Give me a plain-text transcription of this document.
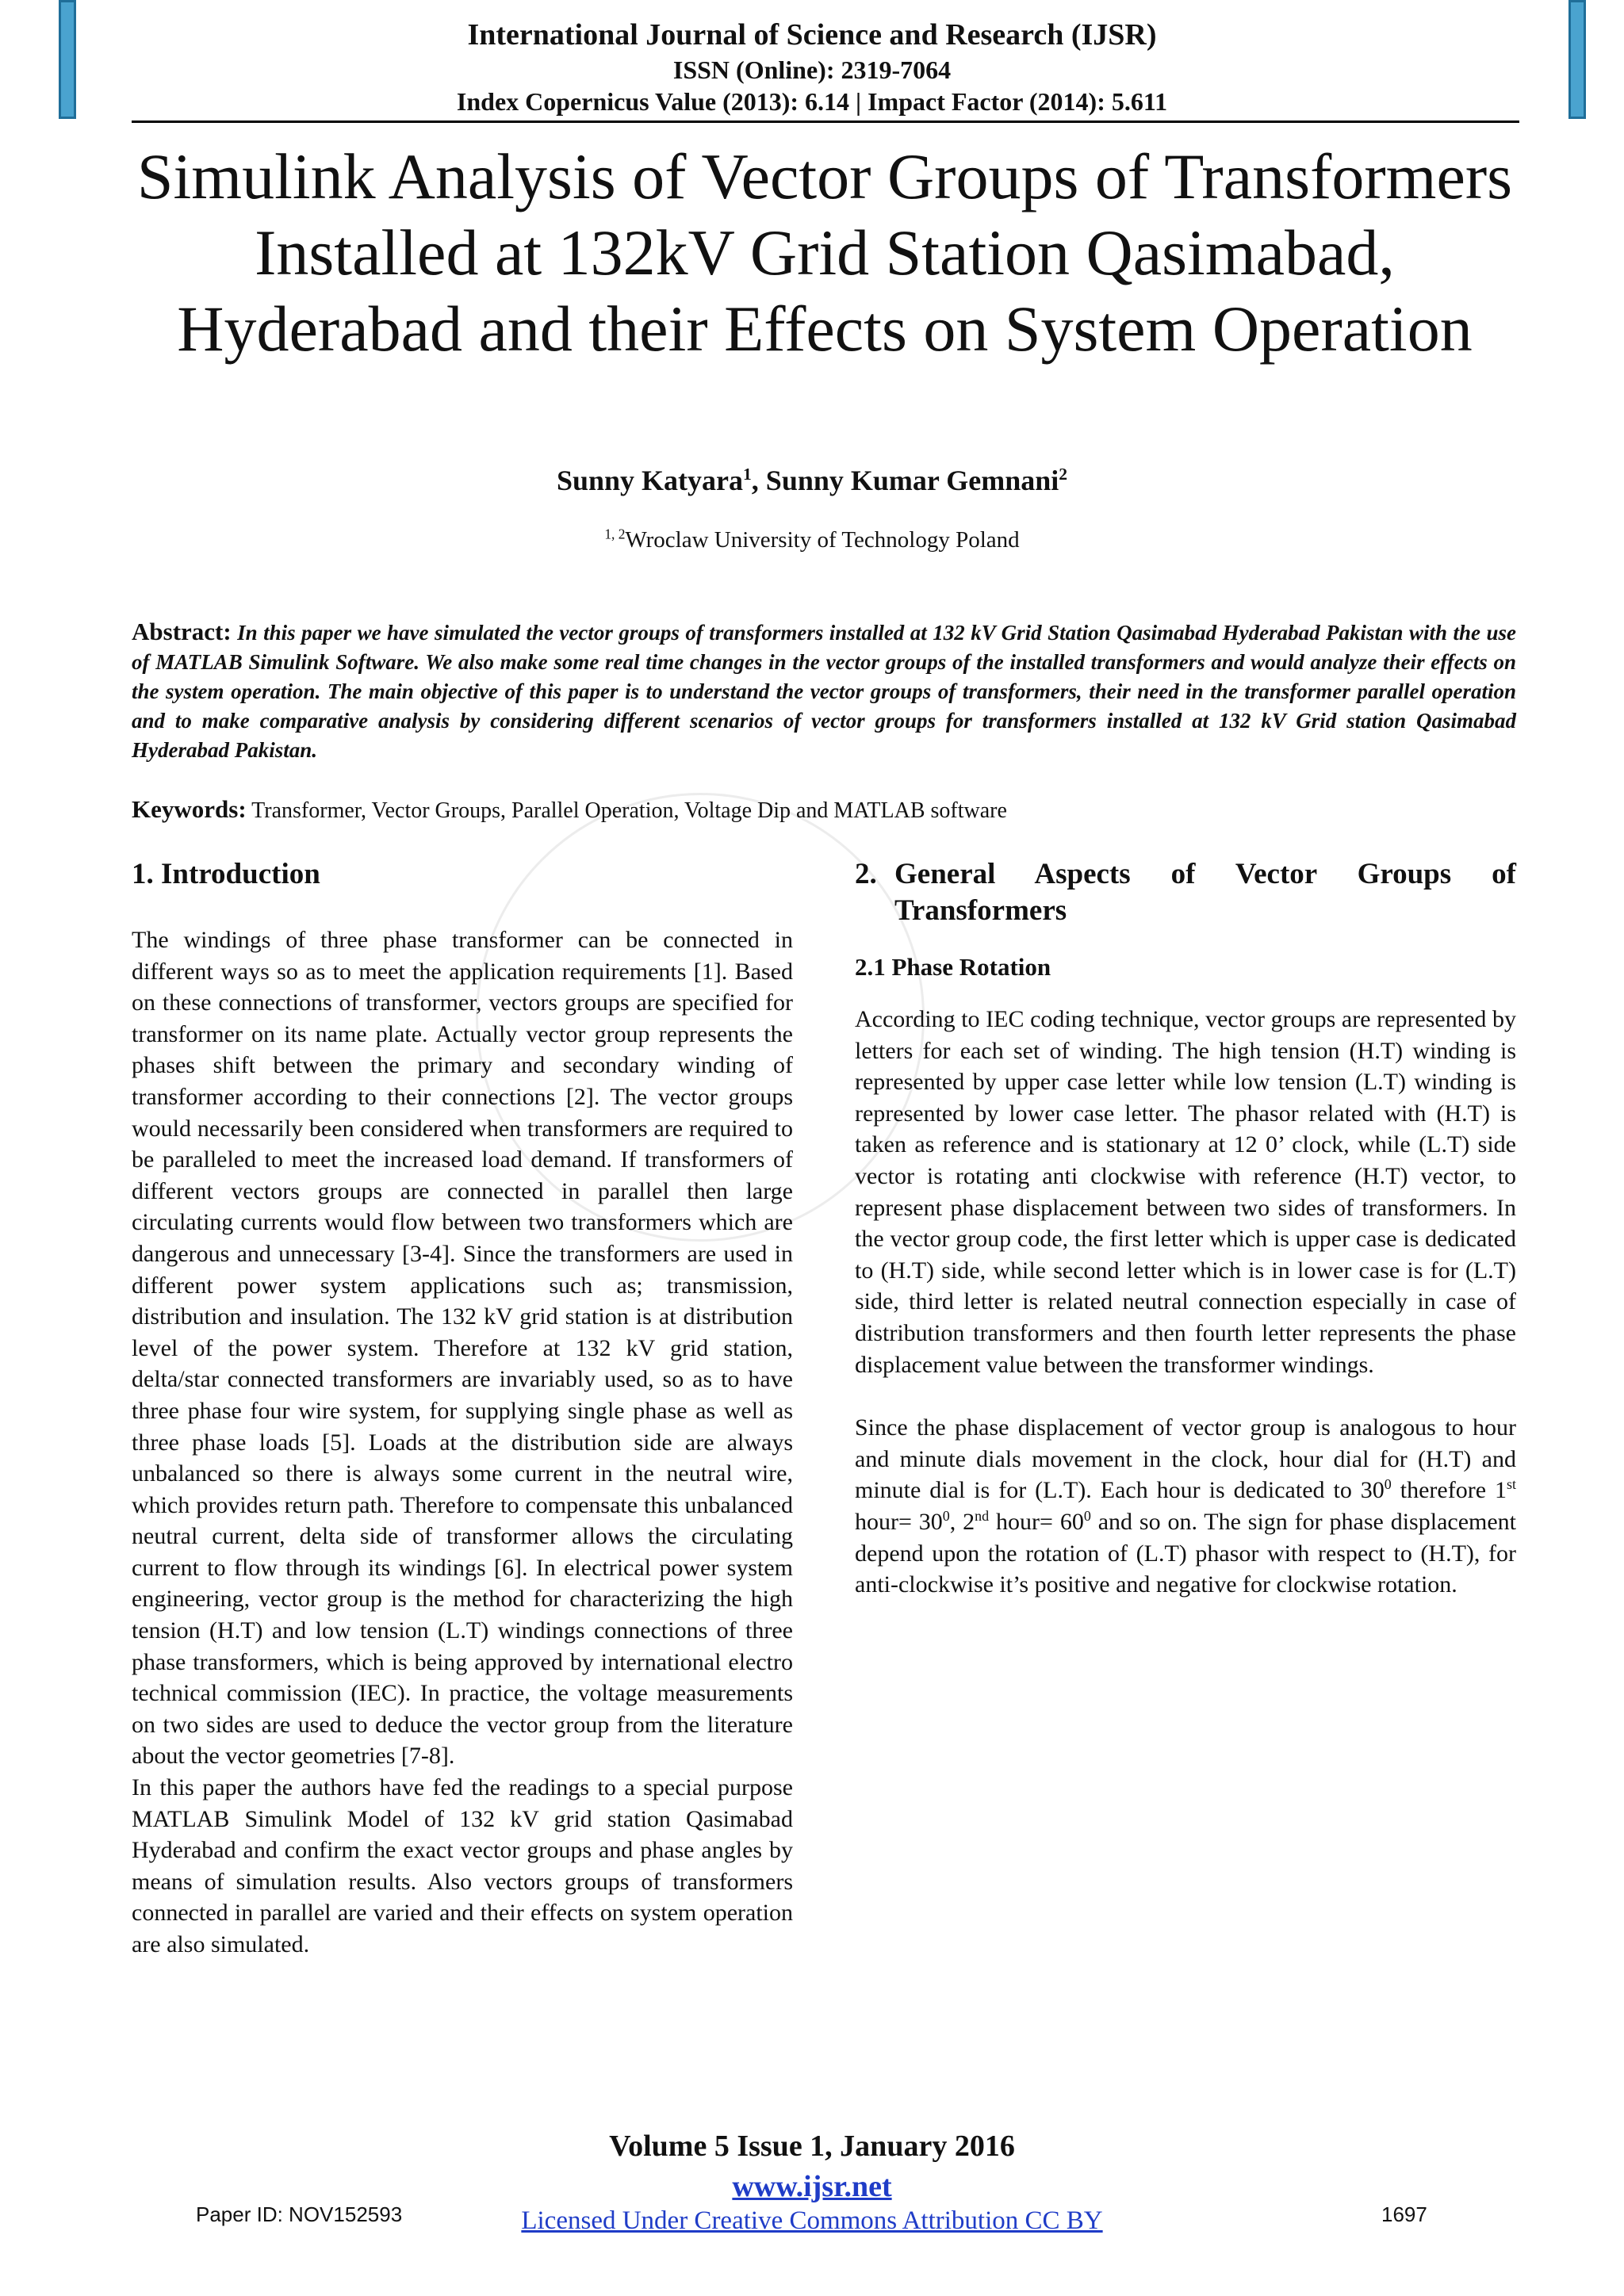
International Journal of Science and Research (IJSR)
ISSN (Online): 2319-7064
Index Copernicus Value (2013): 6.14 | Impact Factor (2014): 5.611
Simulink Analysis of Vector Groups of Transformers Installed at 132kV Grid Station Qasimabad, Hyderabad and their Effects on System Operation
Sunny Katyara$^1$, Sunny Kumar Gemnani$^2$
$^{1, 2}$Wroclaw University of Technology Poland
Abstract: In this paper we have simulated the vector groups of transformers installed at 132 kV Grid Station Qasimabad Hyderabad Pakistan with the use of MATLAB Simulink Software. We also make some real time changes in the vector groups of the installed transformers and would analyze their effects on the system operation. The main objective of this paper is to understand the vector groups of transformers, their need in the transformer parallel operation and to make comparative analysis by considering different scenarios of vector groups for transformers installed at 132 kV Grid station Qasimabad Hyderabad Pakistan.
Keywords: Transformer, Vector Groups, Parallel Operation, Voltage Dip and MATLAB software
1. Introduction

The windings of three phase transformer can be connected in different ways so as to meet the application requirements [1]. Based on these connections of transformer, vectors groups are specified for transformer on its name plate. Actually vector group represents the phases shift between the primary and secondary winding of transformer according to their connections [2]. The vector groups would necessarily been considered when transformers are required to be paralleled to meet the increased load demand. If transformers of different vectors groups are connected in parallel then large circulating currents would flow between two transformers which are dangerous and unnecessary [3-4]. Since the transformers are used in different power system applications such as; transmission, distribution and insulation. The 132 kV grid station is at distribution level of the power system. Therefore at 132 kV grid station, delta/star connected transformers are invariably used, so as to have three phase four wire system, for supplying single phase as well as three phase loads [5]. Loads at the distribution side are always unbalanced so there is always some current in the neutral wire, which provides return path. Therefore to compensate this unbalanced neutral current, delta side of transformer allows the circulating current to flow through its windings [6]. In electrical power system engineering, vector group is the method for characterizing the high tension (H.T) and low tension (L.T) windings connections of three phase transformers, which is being approved by international electro technical commission (IEC). In practice, the voltage measurements on two sides are used to deduce the vector group from the literature about the vector geometries [7-8].

In this paper the authors have fed the readings to a special purpose MATLAB Simulink Model of 132 kV grid station Qasimabad Hyderabad and confirm the exact vector groups and phase angles by means of simulation results. Also vectors groups of transformers connected in parallel are varied and their effects on system operation are also simulated.

2. General Aspects of Vector Groups of Transformers
2.1 Phase Rotation

According to IEC coding technique, vector groups are represented by letters for each set of winding. The high tension (H.T) winding is represented by upper case letter while low tension (L.T) winding is represented by lower case letter. The phasor related with (H.T) is taken as reference and is stationary at 12 0’ clock, while (L.T) side vector is rotating anti clockwise with reference (H.T) vector, to represent phase displacement between two sides of transformers. In the vector group code, the first letter which is upper case is dedicated to (H.T) side, while second letter which is in lower case is for (L.T) side, third letter is related neutral connection especially in case of distribution transformers and then fourth letter represents the phase displacement value between the transformer windings.

Since the phase displacement of vector group is analogous to hour and minute dials movement in the clock, hour dial for (H.T) and minute dial is for (L.T). Each hour is dedicated to $30^0$ therefore 1st hour= $30^0$, 2nd hour= $60^0$ and so on. The sign for phase displacement depend upon the rotation of (L.T) phasor with respect to (H.T), for anti-clockwise it’s positive and negative for clockwise rotation.

Volume 5 Issue 1, January 2016
www.ijsr.net
Licensed Under Creative Commons Attribution CC BY
Paper ID: NOV152593	1697
